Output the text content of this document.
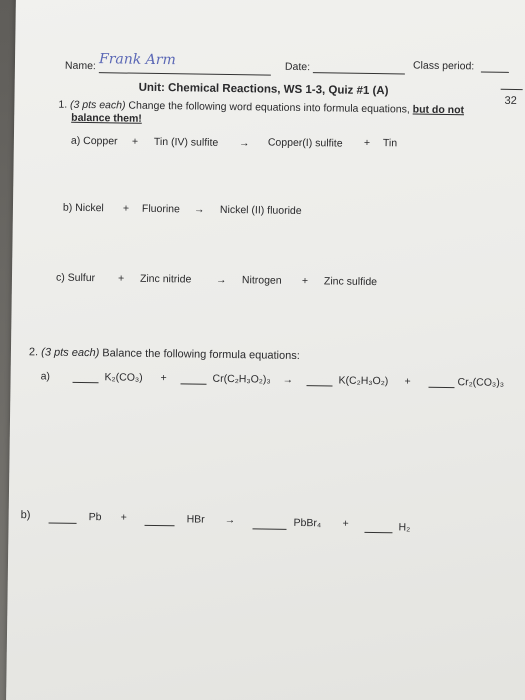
Name: Frank Arm	Date:	Class period:
Unit: Chemical Reactions, WS 1-3, Quiz #1 (A)
32
1. (3 pts each) Change the following word equations into formula equations, but do not
balance them!
a) Copper + Tin (IV) sulfite → Copper(I) sulfite + Tin
b) Nickel + Fluorine → Nickel (II) fluoride
c) Sulfur + Zinc nitride → Nitrogen + Zinc sulfide
2. (3 pts each) Balance the following formula equations:
a)	K₂(CO₃) +	Cr(C₂H₃O₂)₃ →	K(C₂H₃O₂) +	Cr₂(CO₃)₃
b)	Pb +	HBr →	PbBr₄ +	H₂
